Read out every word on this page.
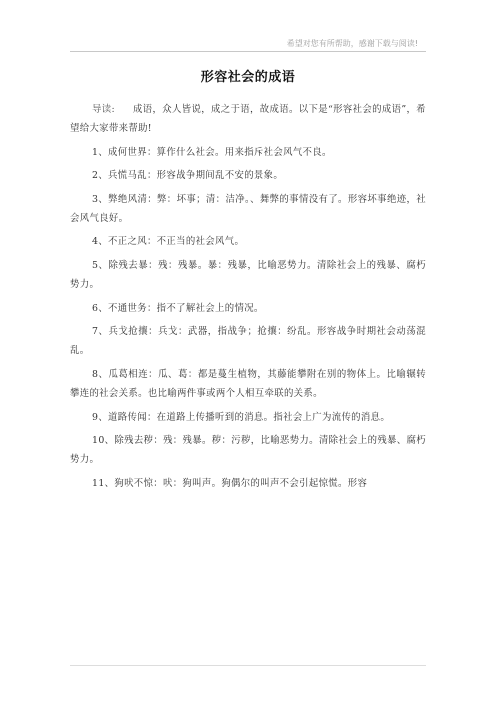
希望对您有所帮助，感谢下载与阅读!
形容社会的成语

导读: 成语，众人皆说，成之于语，故成语。以下是“形容社会的成语”，希望给大家带来帮助!

1、成何世界：算作什么社会。用来指斥社会风气不良。

2、兵慌马乱：形容战争期间乱不安的景象。

3、弊绝风清：弊：坏事；清：洁净。、舞弊的事情没有了。形容坏事绝迹，社会风气良好。

4、不正之风：不正当的社会风气。

5、除残去暴：残：残暴。暴：残暴，比喻恶势力。清除社会上的残暴、腐朽势力。

6、不通世务：指不了解社会上的情况。

7、兵戈抢攘：兵戈：武器，指战争；抢攘：纷乱。形容战争时期社会动荡混乱。

8、瓜葛相连：瓜、葛：都是蔓生植物，其藤能攀附在别的物体上。比喻辗转攀连的社会关系。也比喻两件事或两个人相互牵联的关系。

9、道路传闻：在道路上传播听到的消息。指社会上广为流传的消息。

10、除残去秽：残：残暴。秽：污秽，比喻恶势力。清除社会上的残暴、腐朽势力。

11、狗吠不惊：吠：狗叫声。狗偶尔的叫声不会引起惊慌。形容
